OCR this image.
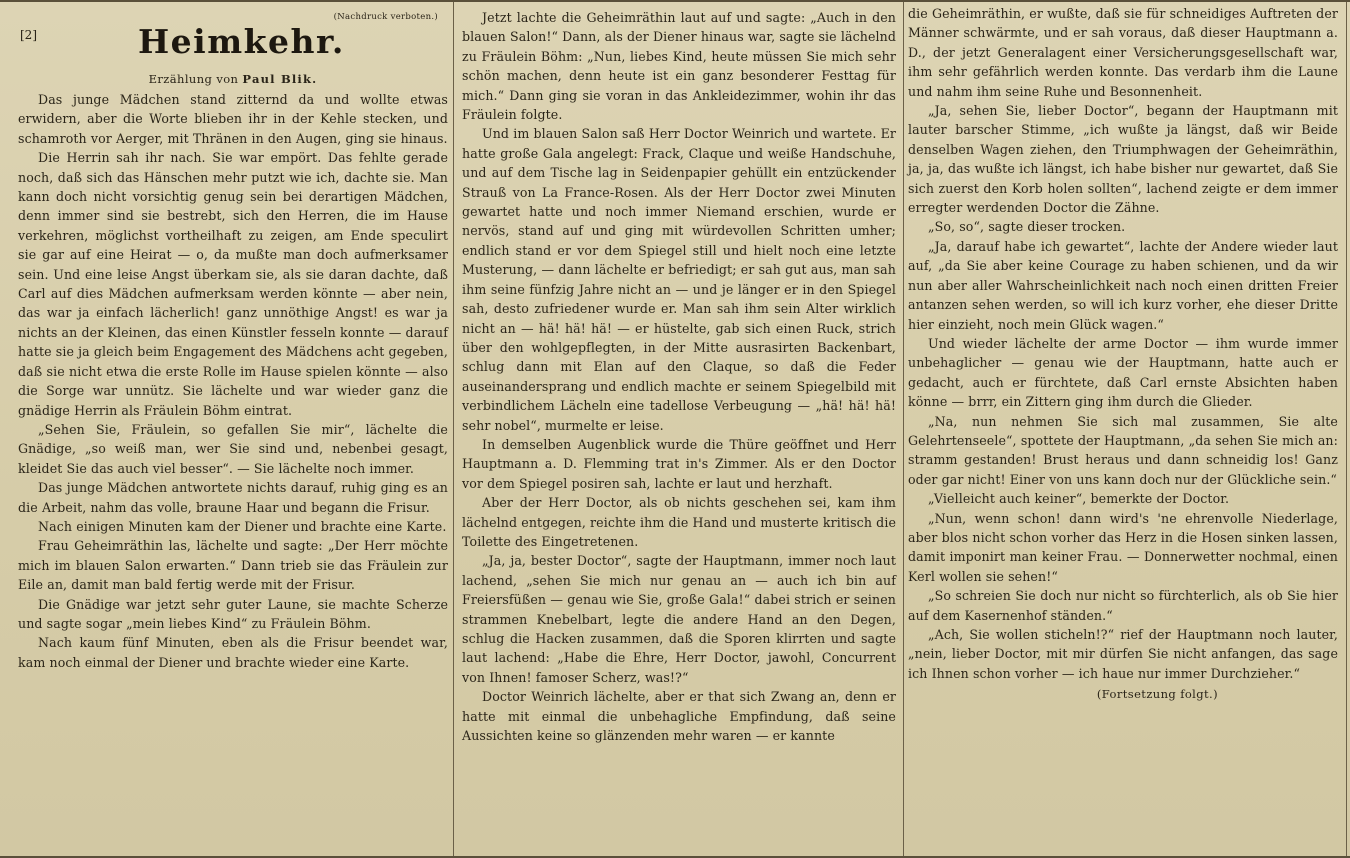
[2]
(Nachdruck verboten.)
Heimkehr.
Erzählung von Paul Blik.

Das junge Mädchen stand zitternd da und wollte etwas erwidern, aber die Worte blieben ihr in der Kehle stecken, und schamroth vor Aerger, mit Thränen in den Augen, ging sie hinaus.

Die Herrin sah ihr nach. Sie war empört. Das fehlte gerade noch, daß sich das Hänschen mehr putzt wie ich, dachte sie. Man kann doch nicht vorsichtig genug sein bei derartigen Mädchen, denn immer sind sie bestrebt, sich den Herren, die im Hause verkehren, möglichst vortheilhaft zu zeigen, am Ende speculirt sie gar auf eine Heirat — o, da mußte man doch aufmerksamer sein. Und eine leise Angst überkam sie, als sie daran dachte, daß Carl auf dies Mädchen aufmerksam werden könnte — aber nein, das war ja einfach lächerlich! ganz unnöthige Angst! es war ja nichts an der Kleinen, das einen Künstler fesseln konnte — darauf hatte sie ja gleich beim Engagement des Mädchens acht gegeben, daß sie nicht etwa die erste Rolle im Hause spielen könnte — also die Sorge war unnütz. Sie lächelte und war wieder ganz die gnädige Herrin als Fräulein Böhm eintrat.

„Sehen Sie, Fräulein, so gefallen Sie mir“, lächelte die Gnädige, „so weiß man, wer Sie sind und, nebenbei gesagt, kleidet Sie das auch viel besser“. — Sie lächelte noch immer.

Das junge Mädchen antwortete nichts darauf, ruhig ging es an die Arbeit, nahm das volle, braune Haar und begann die Frisur.

Nach einigen Minuten kam der Diener und brachte eine Karte.

Frau Geheimräthin las, lächelte und sagte: „Der Herr möchte mich im blauen Salon erwarten.“ Dann trieb sie das Fräulein zur Eile an, damit man bald fertig werde mit der Frisur.

Die Gnädige war jetzt sehr guter Laune, sie machte Scherze und sagte sogar „mein liebes Kind“ zu Fräulein Böhm.

Nach kaum fünf Minuten, eben als die Frisur beendet war, kam noch einmal der Diener und brachte wieder eine Karte.

Jetzt lachte die Geheimräthin laut auf und sagte: „Auch in den blauen Salon!“ Dann, als der Diener hinaus war, sagte sie lächelnd zu Fräulein Böhm: „Nun, liebes Kind, heute müssen Sie mich sehr schön machen, denn heute ist ein ganz besonderer Festtag für mich.“ Dann ging sie voran in das Ankleidezimmer, wohin ihr das Fräulein folgte.

Und im blauen Salon saß Herr Doctor Weinrich und wartete. Er hatte große Gala angelegt: Frack, Claque und weiße Handschuhe, und auf dem Tische lag in Seidenpapier gehüllt ein entzückender Strauß von La France-Rosen. Als der Herr Doctor zwei Minuten gewartet hatte und noch immer Niemand erschien, wurde er nervös, stand auf und ging mit würdevollen Schritten umher; endlich stand er vor dem Spiegel still und hielt noch eine letzte Musterung, — dann lächelte er befriedigt; er sah gut aus, man sah ihm seine fünfzig Jahre nicht an — und je länger er in den Spiegel sah, desto zufriedener wurde er. Man sah ihm sein Alter wirklich nicht an — hä! hä! hä! — er hüstelte, gab sich einen Ruck, strich über den wohlgepflegten, in der Mitte ausrasirten Backenbart, schlug dann mit Elan auf den Claque, so daß die Feder auseinandersprang und endlich machte er seinem Spiegelbild mit verbindlichem Lächeln eine tadellose Verbeugung — „hä! hä! hä! sehr nobel“, murmelte er leise.

In demselben Augenblick wurde die Thüre geöffnet und Herr Hauptmann a. D. Flemming trat in's Zimmer. Als er den Doctor vor dem Spiegel posiren sah, lachte er laut und herzhaft.

Aber der Herr Doctor, als ob nichts geschehen sei, kam ihm lächelnd entgegen, reichte ihm die Hand und musterte kritisch die Toilette des Eingetretenen.

„Ja, ja, bester Doctor“, sagte der Hauptmann, immer noch laut lachend, „sehen Sie mich nur genau an — auch ich bin auf Freiersfüßen — genau wie Sie, große Gala!“ dabei strich er seinen strammen Knebelbart, legte die andere Hand an den Degen, schlug die Hacken zusammen, daß die Sporen klirrten und sagte laut lachend: „Habe die Ehre, Herr Doctor, jawohl, Concurrent von Ihnen! famoser Scherz, was!?“

Doctor Weinrich lächelte, aber er that sich Zwang an, denn er hatte mit einmal die unbehagliche Empfindung, daß seine Aussichten keine so glänzenden mehr waren — er kannte

die Geheimräthin, er wußte, daß sie für schneidiges Auftreten der Männer schwärmte, und er sah voraus, daß dieser Hauptmann a. D., der jetzt Generalagent einer Versicherungsgesellschaft war, ihm sehr gefährlich werden konnte. Das verdarb ihm die Laune und nahm ihm seine Ruhe und Besonnenheit.

„Ja, sehen Sie, lieber Doctor“, begann der Hauptmann mit lauter barscher Stimme, „ich wußte ja längst, daß wir Beide denselben Wagen ziehen, den Triumphwagen der Geheimräthin, ja, ja, das wußte ich längst, ich habe bisher nur gewartet, daß Sie sich zuerst den Korb holen sollten“, lachend zeigte er dem immer erregter werdenden Doctor die Zähne.

„So, so“, sagte dieser trocken.

„Ja, darauf habe ich gewartet“, lachte der Andere wieder laut auf, „da Sie aber keine Courage zu haben schienen, und da wir nun aber aller Wahrscheinlichkeit nach noch einen dritten Freier antanzen sehen werden, so will ich kurz vorher, ehe dieser Dritte hier einzieht, noch mein Glück wagen.“

Und wieder lächelte der arme Doctor — ihm wurde immer unbehaglicher — genau wie der Hauptmann, hatte auch er gedacht, auch er fürchtete, daß Carl ernste Absichten haben könne — brrr, ein Zittern ging ihm durch die Glieder.

„Na, nun nehmen Sie sich mal zusammen, Sie alte Gelehrtenseele“, spottete der Hauptmann, „da sehen Sie mich an: stramm gestanden! Brust heraus und dann schneidig los! Ganz oder gar nicht! Einer von uns kann doch nur der Glückliche sein.“

„Vielleicht auch keiner“, bemerkte der Doctor.

„Nun, wenn schon! dann wird's 'ne ehrenvolle Niederlage, aber blos nicht schon vorher das Herz in die Hosen sinken lassen, damit imponirt man keiner Frau. — Donnerwetter nochmal, einen Kerl wollen sie sehen!“

„So schreien Sie doch nur nicht so fürchterlich, als ob Sie hier auf dem Kasernenhof ständen.“

„Ach, Sie wollen sticheln!?“ rief der Hauptmann noch lauter, „nein, lieber Doctor, mit mir dürfen Sie nicht anfangen, das sage ich Ihnen schon vorher — ich haue nur immer Durchzieher.“

(Fortsetzung folgt.)
